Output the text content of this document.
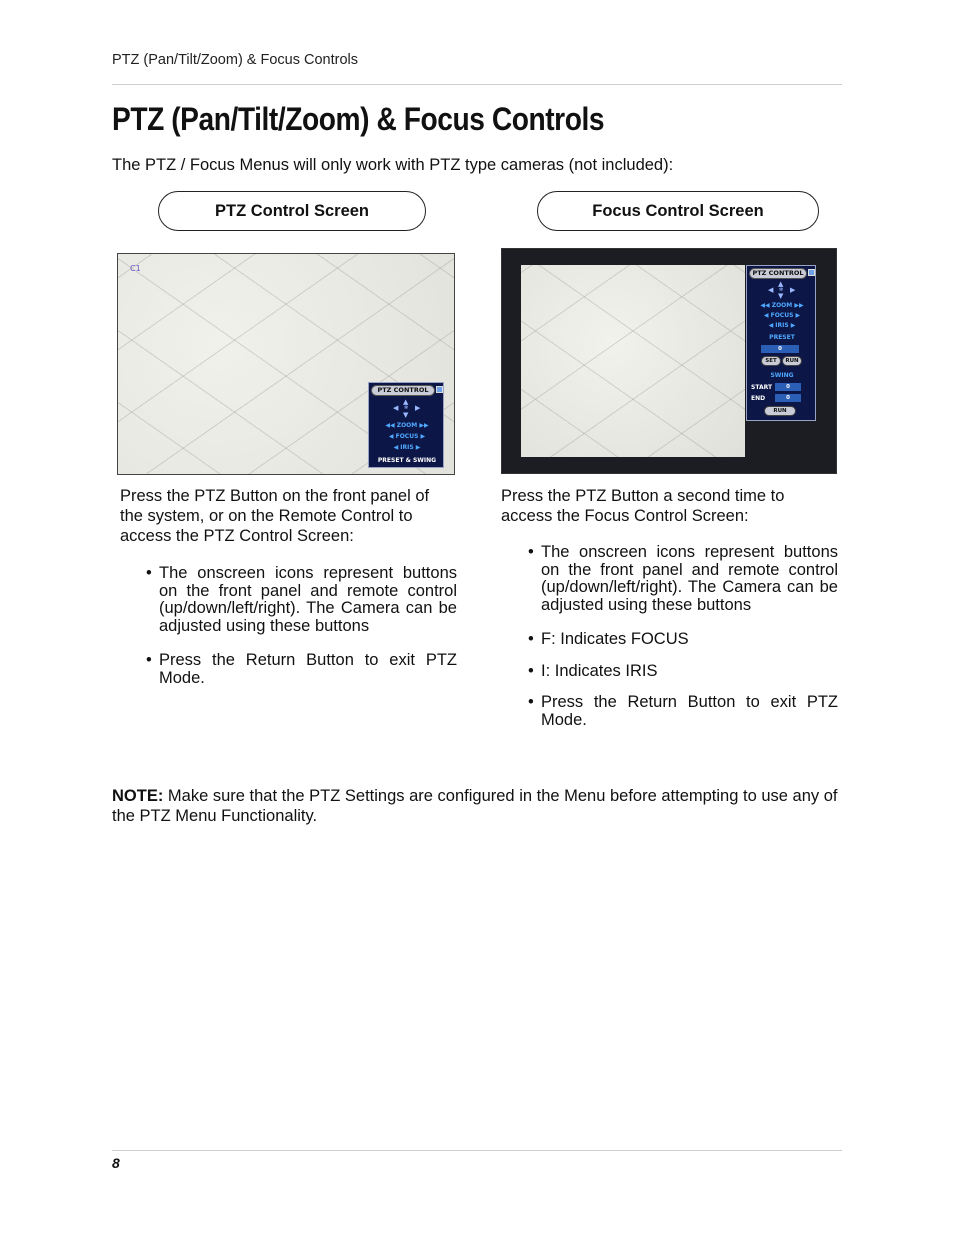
PTZ (Pan/Tilt/Zoom) & Focus Controls
PTZ (Pan/Tilt/Zoom) & Focus Controls
The PTZ / Focus Menus will only work with PTZ type cameras (not included):
PTZ Control Screen	Focus Control Screen
C1
PTZ CONTROL
▲
◀ ✻ ▶
▼
◀◀ ZOOM ▶▶
◀ FOCUS ▶
◀ IRIS ▶
PRESET & SWING
PTZ CONTROL
▲
◀ ✻ ▶
▼
◀◀ ZOOM ▶▶
◀ FOCUS ▶
◀ IRIS ▶
PRESET
0
SET	RUN
SWING
START	0
END	0
RUN
Press the PTZ Button on the front panel of the system, or on the Remote Control to access the PTZ Control Screen:
• The onscreen icons represent buttons on the front panel and remote control (up/down/left/right). The Camera can be adjusted using these buttons
• Press the Return Button to exit PTZ Mode.
Press the PTZ Button a second time to access the Focus Control Screen:
• The onscreen icons represent buttons on the front panel and remote control (up/down/left/right). The Camera can be adjusted using these buttons
• F: Indicates FOCUS
• I: Indicates IRIS
• Press the Return Button to exit PTZ Mode.
NOTE: Make sure that the PTZ Settings are configured in the Menu before attempting to use any of the PTZ Menu Functionality.
8
